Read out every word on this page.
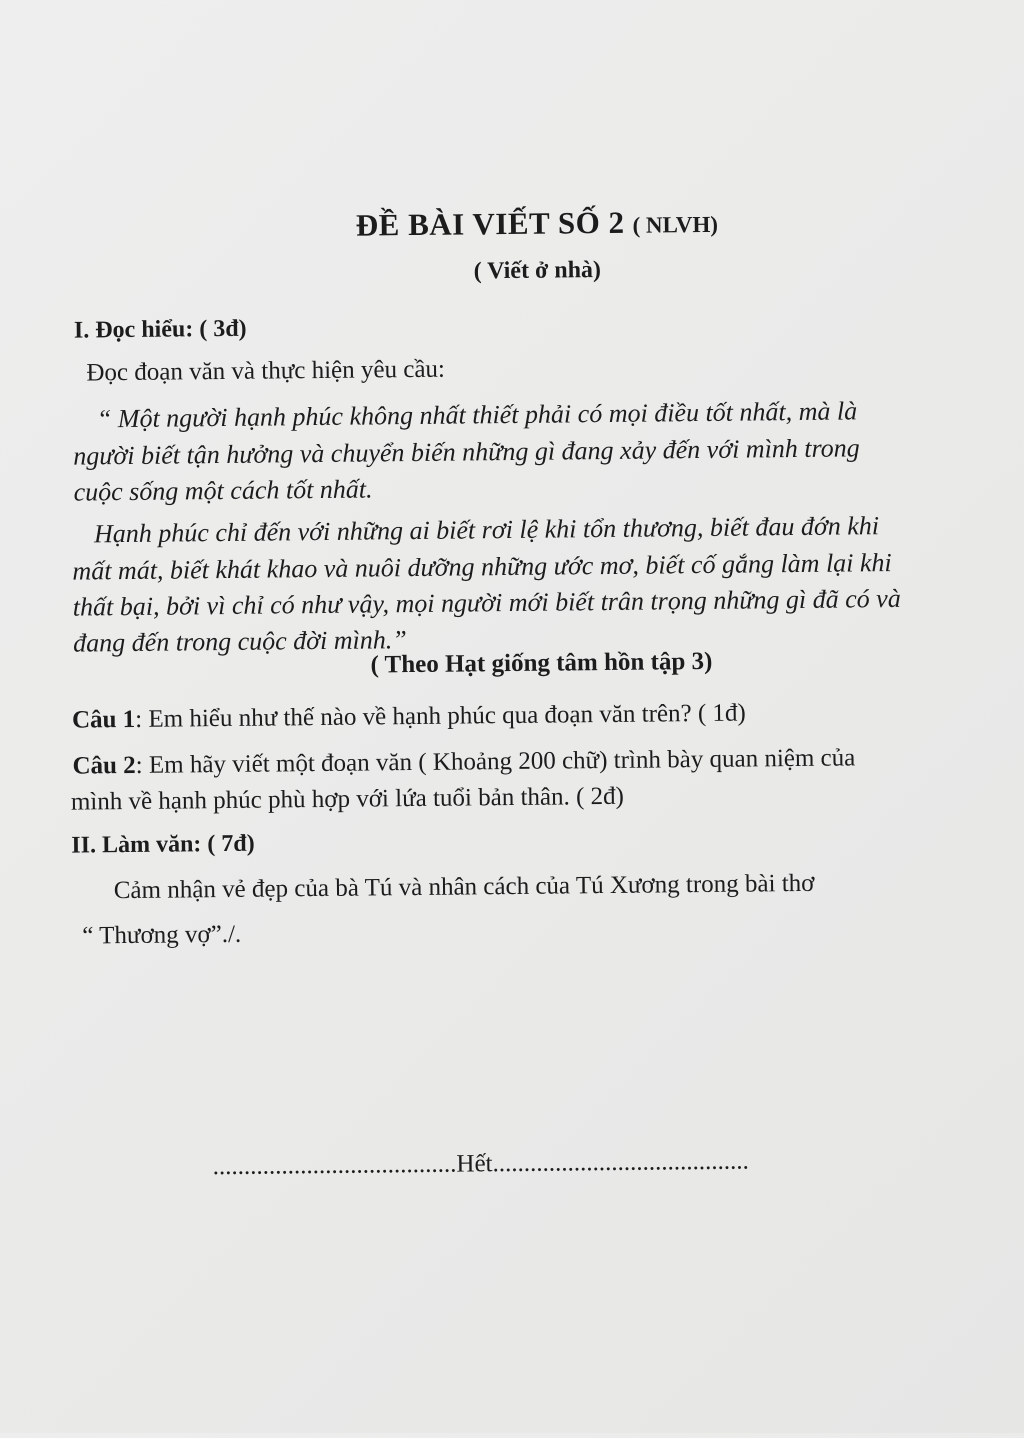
ĐỀ BÀI VIẾT SỐ 2 ( NLVH)
( Viết ở nhà)
I. Đọc hiểu: ( 3đ)
Đọc đoạn văn và thực hiện yêu cầu:
“ Một người hạnh phúc không nhất thiết phải có mọi điều tốt nhất, mà là
người biết tận hưởng và chuyển biến những gì đang xảy đến với mình trong
cuộc sống một cách tốt nhất.
Hạnh phúc chỉ đến với những ai biết rơi lệ khi tổn thương, biết đau đớn khi
mất mát, biết khát khao và nuôi dưỡng những ước mơ, biết cố gắng làm lại khi
thất bại, bởi vì chỉ có như vậy, mọi người mới biết trân trọng những gì đã có và
đang đến trong cuộc đời mình.”
( Theo Hạt giống tâm hồn tập 3)
Câu 1: Em hiểu như thế nào về hạnh phúc qua đoạn văn trên? ( 1đ)
Câu 2: Em hãy viết một đoạn văn ( Khoảng 200 chữ) trình bày quan niệm của
mình về hạnh phúc phù hợp với lứa tuổi bản thân. ( 2đ)
II. Làm văn: ( 7đ)
Cảm nhận vẻ đẹp của bà Tú và nhân cách của Tú Xương trong bài thơ
“ Thương vợ”./.
.......................................Hết.........................................
